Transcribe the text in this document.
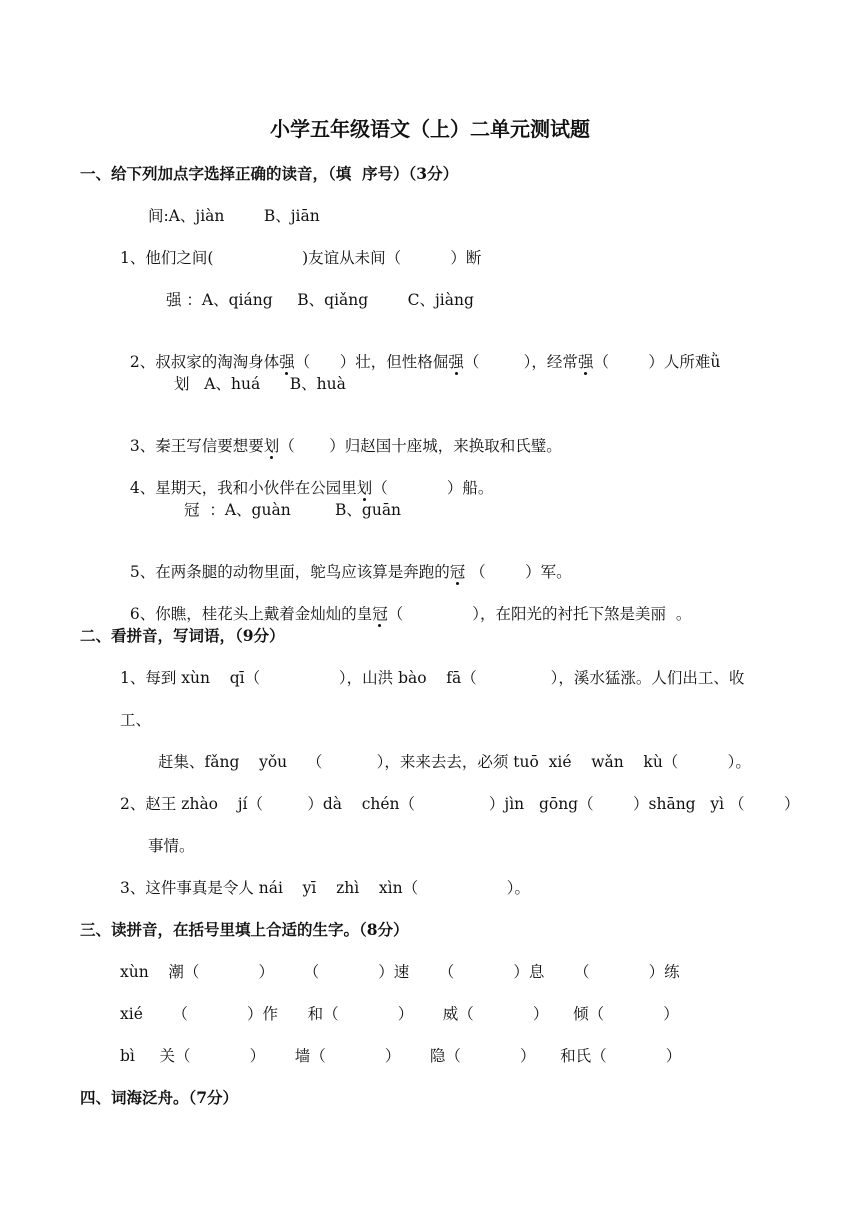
小学五年级语文（上）二单元测试题
一、给下列加点字选择正确的读音，（填  序号）（3分）
间:A、jiàn        B、jiān
1、他们之间(                  )友谊从未间（          ）断
强 ：A、qiáng     B、qiǎng        C、jiàng

2、叔叔家的淘淘身体强（      ）壮，但性格倔强（         ），经常强（        ）人所难ǜ

划   A、huá      B、huà

3、秦王写信要想要划（       ）归赵国十座城，来换取和氏璧。

4、星期天，我和小伙伴在公园里划（            ）船。

冠  ：A、guàn         B、guān

5、在两条腿的动物里面，鸵鸟应该算是奔跑的冠 （        ）军。

6、你瞧，桂花头上戴着金灿灿的皇冠（              ），在阳光的衬托下煞是美丽  。

二、看拼音，写词语，（9分）
1、每到 xùn    qī（                ），山洪 bào    fā（               ），溪水猛涨。人们出工、收
工、
赶集、fǎng    yǒu    （           ），来来去去，必须 tuō  xié    wǎn    kù（          ）。
2、赵王 zhào    jí（         ）dà    chén（               ）jìn   gōng（        ）shāng   yì （        ）
事情。
3、这件事真是令人 nái    yī    zhì    xìn（                  ）。
三、读拼音，在括号里填上合适的生字。（8分）
xùn    潮（            ）      （            ）速      （            ）息      （            ）练
xié      （            ）作      和（            ）      威（            ）     倾（            ）
bì     关（            ）      墙（            ）      隐（            ）     和氏（            ）
四、词海泛舟。（7分）
